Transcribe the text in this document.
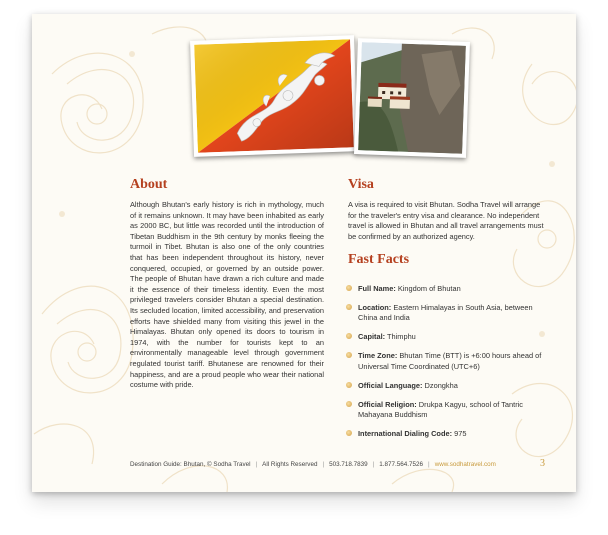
About

Although Bhutan's early history is rich in mythology, much of it remains unknown. It may have been inhabited as early as 2000 BC, but little was recorded until the introduction of Tibetan Buddhism in the 9th century by monks fleeing the turmoil in Tibet. Bhutan is also one of the only countries that has been independent throughout its history, never conquered, occupied, or governed by an outside power. The people of Bhutan have drawn a rich culture and made it the essence of their timeless identity. Even the most privileged travelers consider Bhutan a special destination. Its secluded location, limited accessibility, and preservation efforts have shielded many from visiting this jewel in the Himalayas. Bhutan only opened its doors to tourism in 1974, with the number for tourists kept to an environmentally manageable level through government regulated tourist tariff. Bhutanese are renowned for their happiness, and are a proud people who wear their national costume with pride.

Visa

A visa is required to visit Bhutan. Sodha Travel will arrange for the traveler's entry visa and clearance. No independent travel is allowed in Bhutan and all travel arrangements must be confirmed by an authorized agency.

Fast Facts
Full Name: Kingdom of Bhutan
Location: Eastern Himalayas in South Asia, between China and India
Capital: Thimphu
Time Zone: Bhutan Time (BTT) is +6:00 hours ahead of Universal Time Coordinated (UTC+6)
Official Language: Dzongkha
Official Religion: Drukpa Kagyu, school of Tantric Mahayana Buddhism
International Dialing Code: 975
Destination Guide: Bhutan, © Sodha Travel | All Rights Reserved | 503.718.7839 | 1.877.564.7526 | www.sodhatravel.com	3
